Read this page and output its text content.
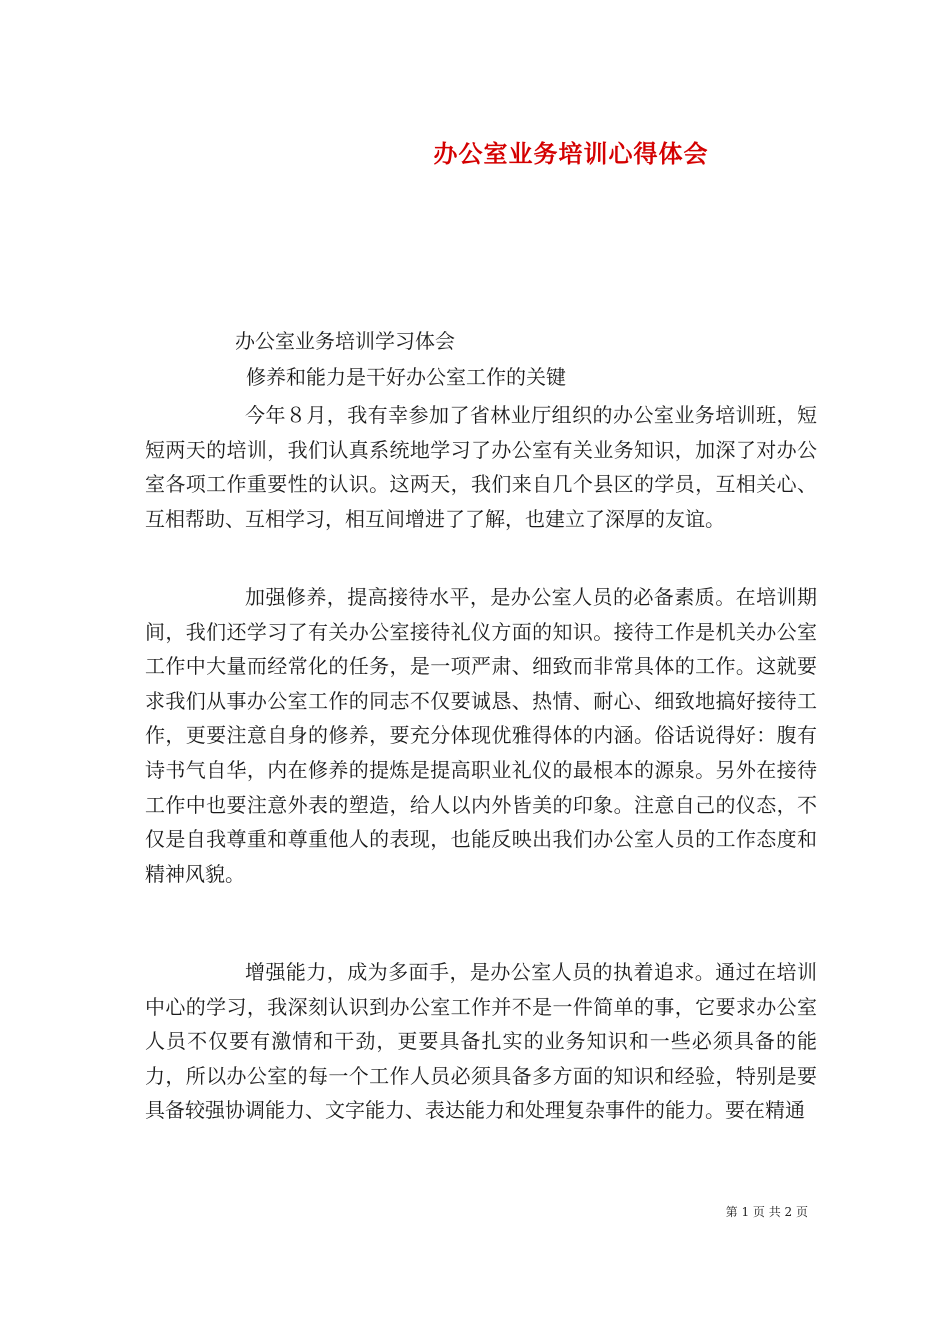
办公室业务培训心得体会

办公室业务培训学习体会

修养和能力是干好办公室工作的关键

今年８月，我有幸参加了省林业厅组织的办公室业务培训班，短短两天的培训，我们认真系统地学习了办公室有关业务知识，加深了对办公室各项工作重要性的认识。这两天，我们来自几个县区的学员，互相关心、互相帮助、互相学习，相互间增进了了解，也建立了深厚的友谊。

加强修养，提高接待水平，是办公室人员的必备素质。在培训期间，我们还学习了有关办公室接待礼仪方面的知识。接待工作是机关办公室工作中大量而经常化的任务，是一项严肃、细致而非常具体的工作。这就要求我们从事办公室工作的同志不仅要诚恳、热情、耐心、细致地搞好接待工作，更要注意自身的修养，要充分体现优雅得体的内涵。俗话说得好：腹有诗书气自华，内在修养的提炼是提高职业礼仪的最根本的源泉。另外在接待工作中也要注意外表的塑造，给人以内外皆美的印象。注意自己的仪态，不仅是自我尊重和尊重他人的表现，也能反映出我们办公室人员的工作态度和精神风貌。

增强能力，成为多面手，是办公室人员的执着追求。通过在培训中心的学习，我深刻认识到办公室工作并不是一件简单的事，它要求办公室人员不仅要有激情和干劲，更要具备扎实的业务知识和一些必须具备的能力，所以办公室的每一个工作人员必须具备多方面的知识和经验，特别是要具备较强协调能力、文字能力、表达能力和处理复杂事件的能力。要在精通

第 1 页 共 2 页
